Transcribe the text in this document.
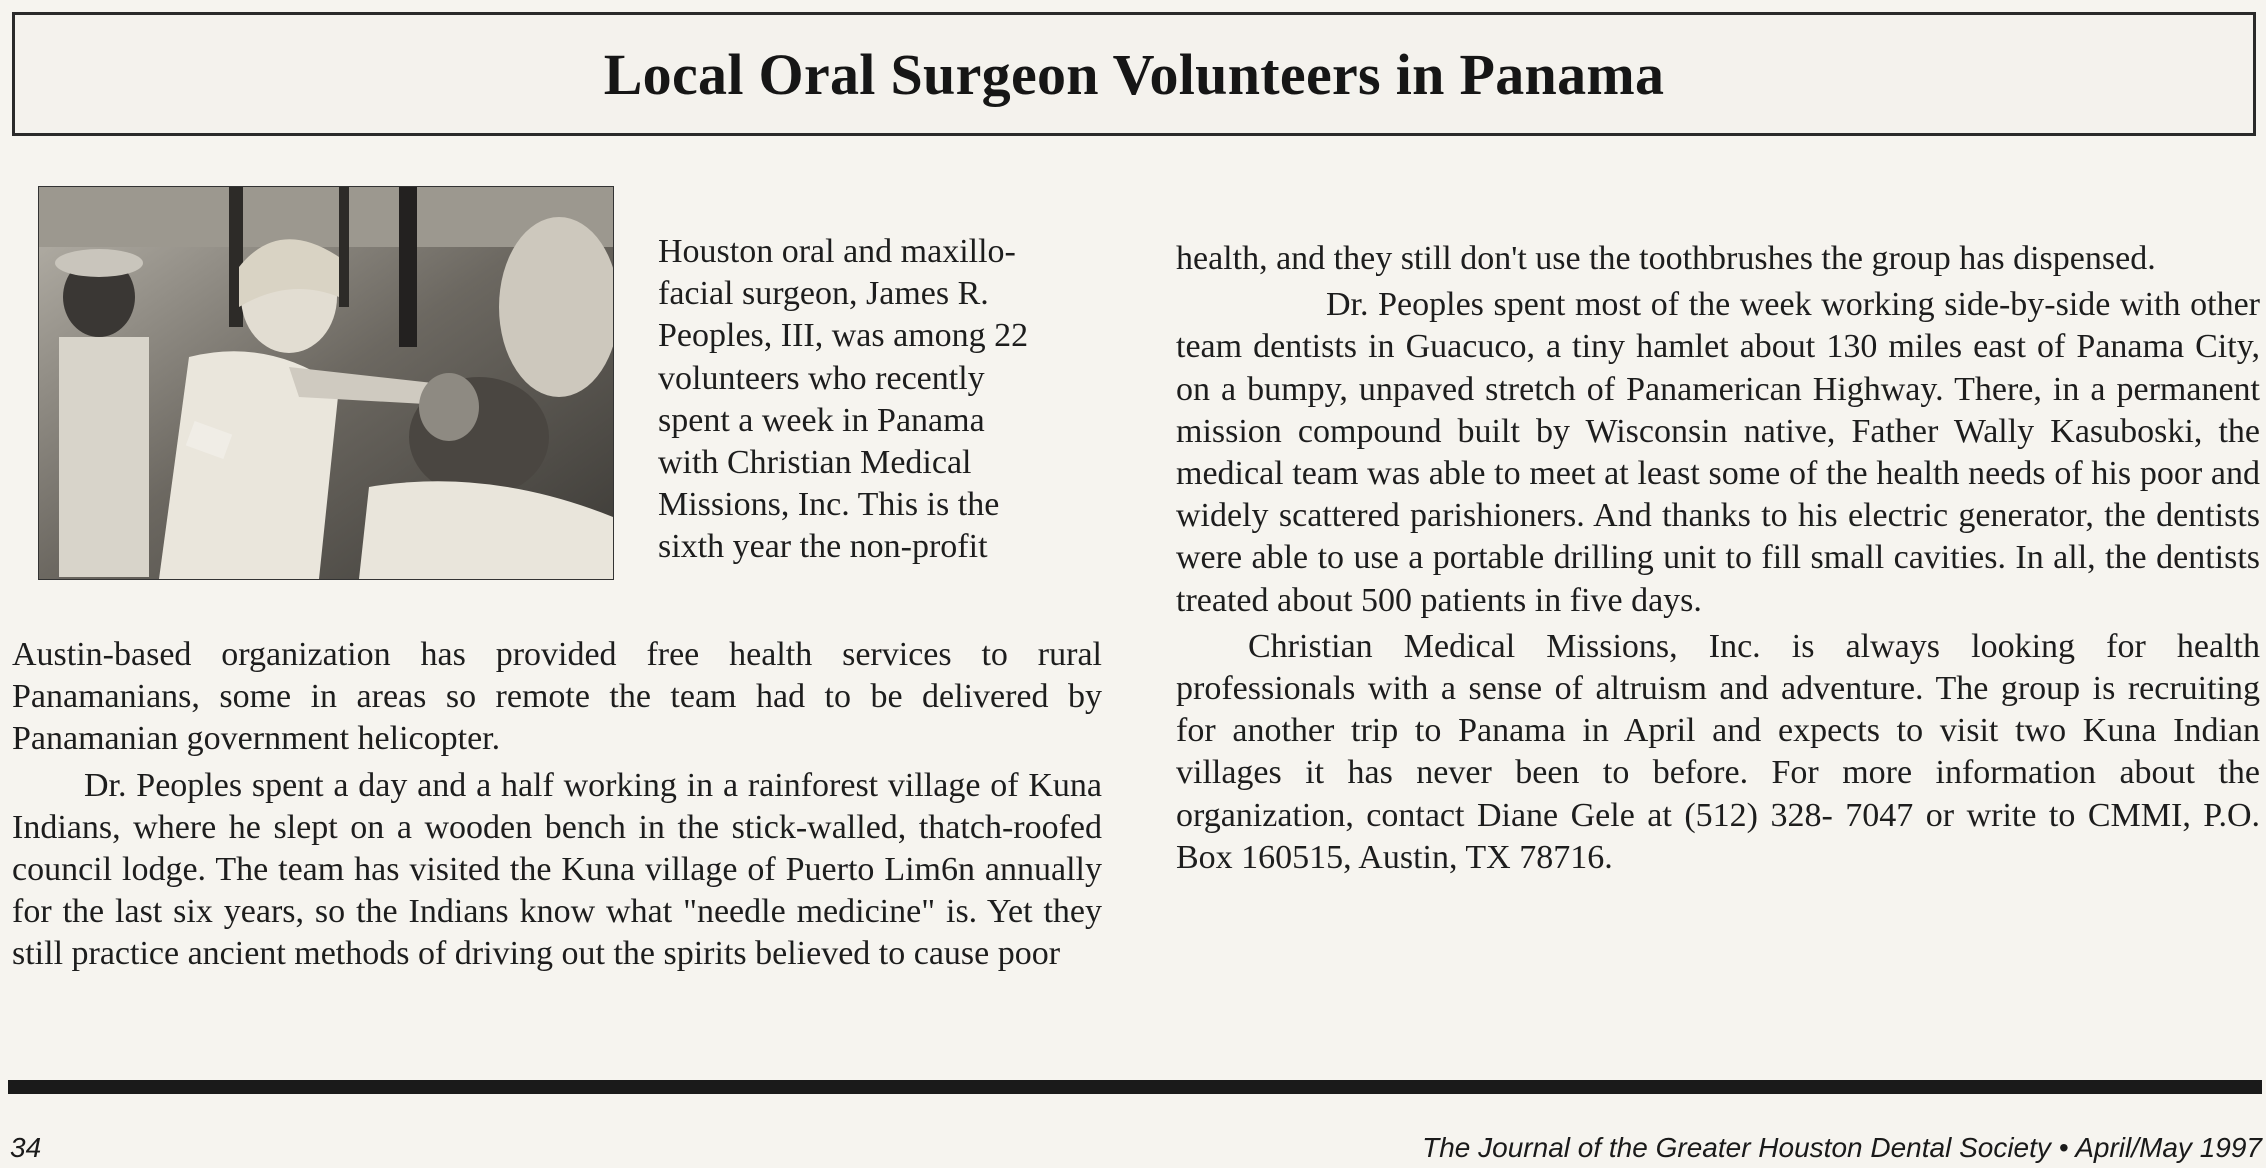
Local Oral Surgeon Volunteers in Panama
Houston oral and maxillo-
facial surgeon, James R.
Peoples, III, was among 22
volunteers who recently
spent a week in Panama
with Christian Medical
Missions, Inc. This is the
sixth year the non-profit

Austin-based organization has provided free health services to rural Panamanians, some in areas so remote the team had to be delivered by Panamanian government helicopter.

Dr. Peoples spent a day and a half working in a rainforest village of Kuna Indians, where he slept on a wooden bench in the stick-walled, thatch-roofed council lodge. The team has visited the Kuna village of Puerto Lim6n annually for the last six years, so the Indians know what "needle medicine" is. Yet they still practice ancient methods of driving out the spirits believed to cause poor

health, and they still don't use the toothbrushes the group has dispensed.

Dr. Peoples spent most of the week working side-by-side with other team dentists in Guacuco, a tiny hamlet about 130 miles east of Panama City, on a bumpy, unpaved stretch of Panamerican Highway. There, in a permanent mission compound built by Wisconsin native, Father Wally Kasuboski, the medical team was able to meet at least some of the health needs of his poor and widely scattered parishioners. And thanks to his electric generator, the dentists were able to use a portable drilling unit to fill small cavities. In all, the dentists treated about 500 patients in five days.

Christian Medical Missions, Inc. is always looking for health professionals with a sense of altruism and adventure. The group is recruiting for another trip to Panama in April and expects to visit two Kuna Indian villages it has never been to before. For more information about the organization, contact Diane Gele at (512) 328- 7047 or write to CMMI, P.O. Box 160515, Austin, TX 78716.

34	The Journal of the Greater Houston Dental Society • April/May 1997
